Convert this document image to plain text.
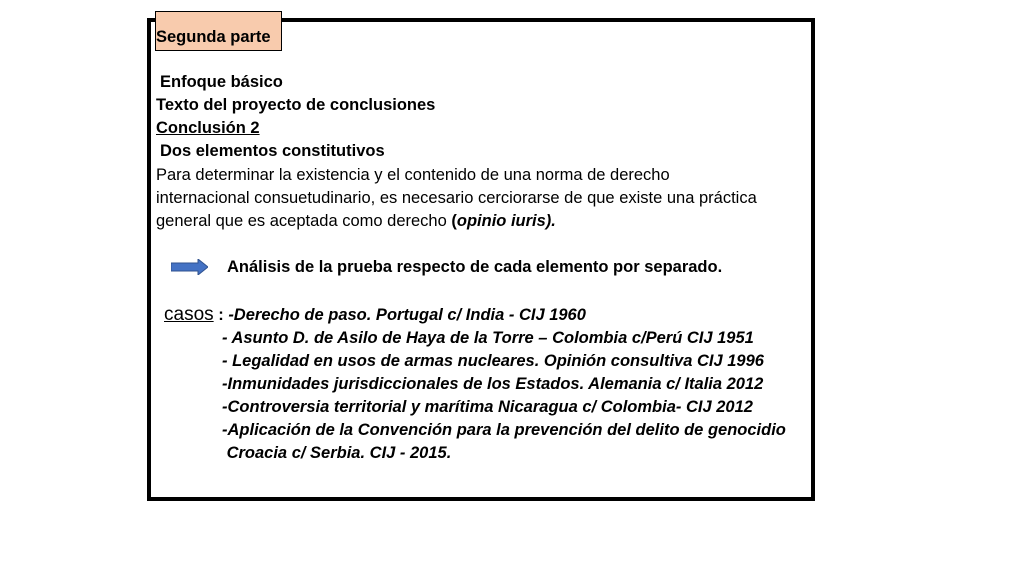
Segunda parte
Enfoque básico
Texto del proyecto de conclusiones
Conclusión 2
Dos elementos constitutivos
Para determinar la existencia y el contenido de una norma de derecho
internacional consuetudinario, es necesario cerciorarse de que existe una práctica
general que es aceptada como derecho (opinio iuris).
Análisis de la prueba respecto de cada elemento por separado.
casos : -Derecho de paso. Portugal c/ India - CIJ 1960
- Asunto D. de Asilo de Haya de la Torre – Colombia c/Perú CIJ 1951
- Legalidad en usos de armas nucleares. Opinión consultiva CIJ 1996
-Inmunidades jurisdiccionales de los Estados. Alemania c/ Italia 2012
-Controversia territorial y marítima Nicaragua c/ Colombia- CIJ 2012
-Aplicación de la Convención para la prevención del delito de genocidio
Croacia c/ Serbia. CIJ - 2015.
